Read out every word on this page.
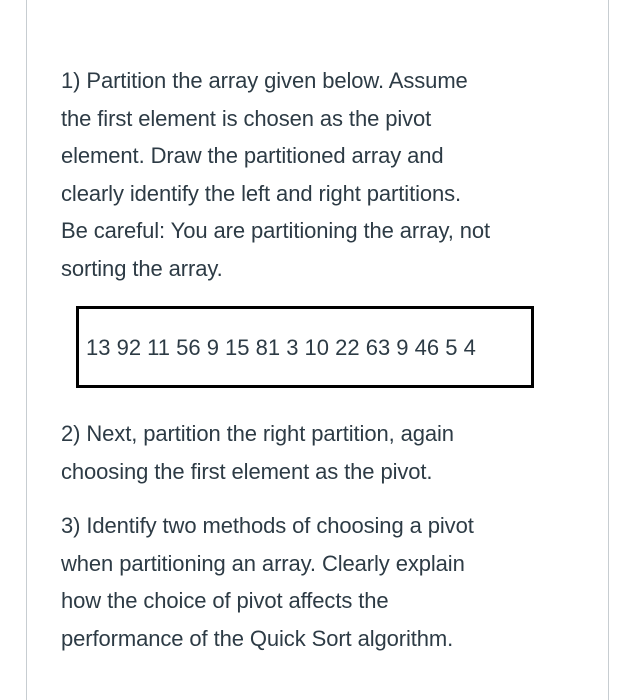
1) Partition the array given below. Assume
the first element is chosen as the pivot
element. Draw the partitioned array and
clearly identify the left and right partitions.
Be careful: You are partitioning the array, not
sorting the array.

13 92 11 56 9 15 81 3 10 22 63 9 46 5 4

2) Next, partition the right partition, again
choosing the first element as the pivot.

3) Identify two methods of choosing a pivot
when partitioning an array. Clearly explain
how the choice of pivot affects the
performance of the Quick Sort algorithm.
